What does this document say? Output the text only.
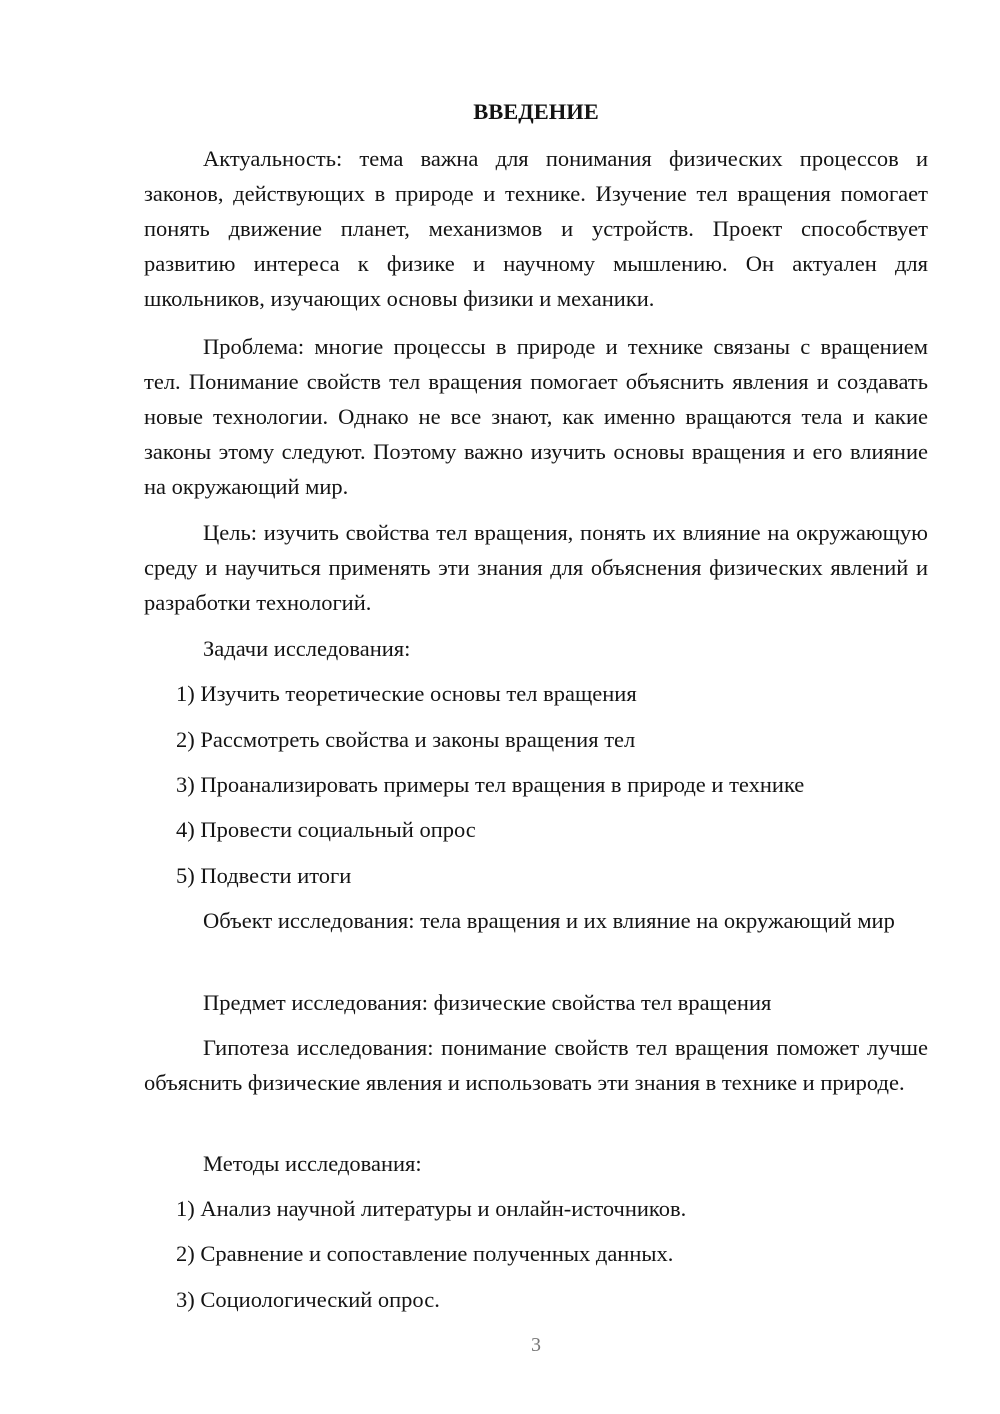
ВВЕДЕНИЕ

Актуальность: тема важна для понимания физических процессов и законов, действующих в природе и технике. Изучение тел вращения помогает понять движение планет, механизмов и устройств. Проект способствует развитию интереса к физике и научному мышлению. Он актуален для школьников, изучающих основы физики и механики.

Проблема: многие процессы в природе и технике связаны с вращением тел. Понимание свойств тел вращения помогает объяснить явления и создавать новые технологии. Однако не все знают, как именно вращаются тела и какие законы этому следуют. Поэтому важно изучить основы вращения и его влияние на окружающий мир.

Цель: изучить свойства тел вращения, понять их влияние на окружающую среду и научиться применять эти знания для объяснения физических явлений и разработки технологий.

Задачи исследования:

1) Изучить теоретические основы тел вращения

2) Рассмотреть свойства и законы вращения тел

3) Проанализировать примеры тел вращения в природе и технике

4) Провести социальный опрос

5) Подвести итоги

Объект исследования: тела вращения и их влияние на окружающий мир

Предмет исследования: физические свойства тел вращения

Гипотеза исследования: понимание свойств тел вращения поможет лучше объяснить физические явления и использовать эти знания в технике и природе.

Методы исследования:

1) Анализ научной литературы и онлайн-источников.

2) Сравнение и сопоставление полученных данных.

3) Социологический опрос.

3
